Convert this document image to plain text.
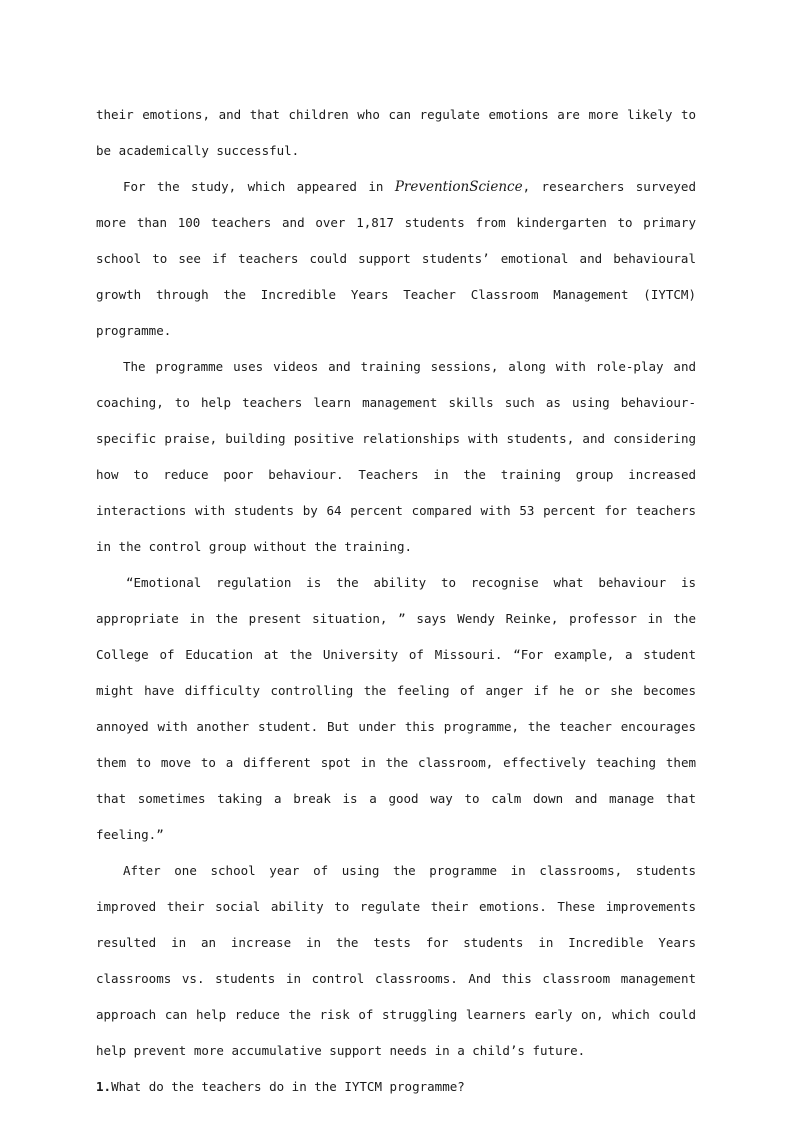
their emotions, and that children who can regulate emotions are more likely to be academically successful.

For the study, which appeared in PreventionScience, researchers surveyed more than 100 teachers and over 1,817 students from kindergarten to primary school to see if teachers could support students’ emotional and behavioural growth through the Incredible Years Teacher Classroom Management (IYTCM) programme.

The programme uses videos and training sessions, along with role-play and coaching, to help teachers learn management skills such as using behaviour-specific praise, building positive relationships with students, and considering how to reduce poor behaviour. Teachers in the training group increased interactions with students by 64 percent compared with 53 percent for teachers in the control group without the training.

“Emotional regulation is the ability to recognise what behaviour is appropriate in the present situation, ” says Wendy Reinke, professor in the College of Education at the University of Missouri. “For example, a student might have difficulty controlling the feeling of anger if he or she becomes annoyed with another student. But under this programme, the teacher encourages them to move to a different spot in the classroom, effectively teaching them that sometimes taking a break is a good way to calm down and manage that feeling.”

After one school year of using the programme in classrooms, students improved their social ability to regulate their emotions. These improvements resulted in an increase in the tests for students in Incredible Years classrooms vs. students in control classrooms. And this classroom management approach can help reduce the risk of struggling learners early on, which could help prevent more accumulative support needs in a child’s future.

1.What do the teachers do in the IYTCM programme?
